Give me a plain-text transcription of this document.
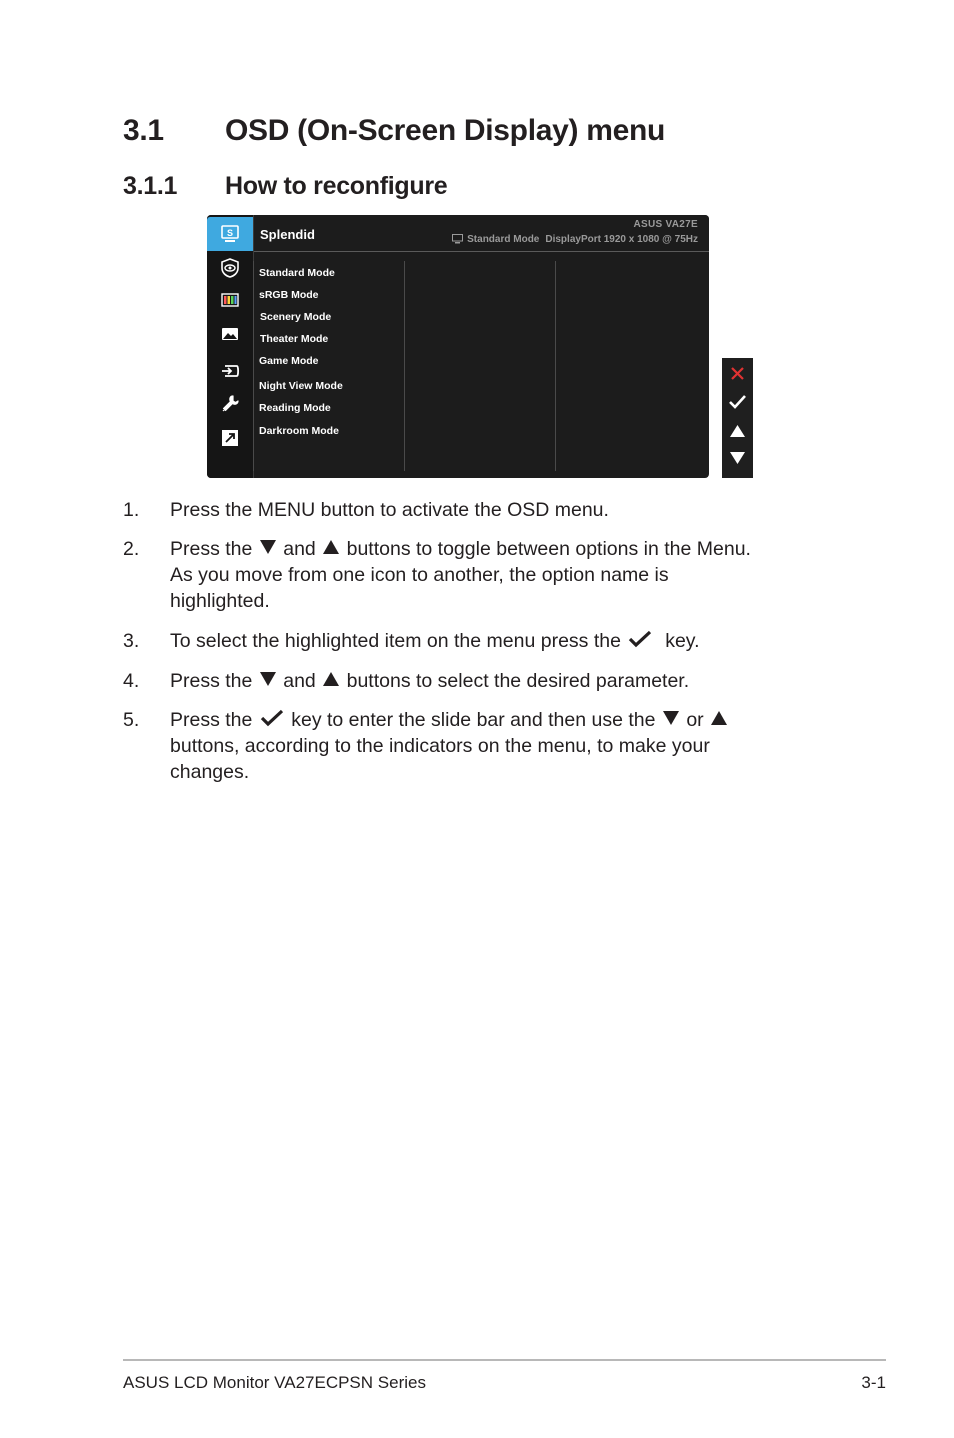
3.1 OSD (On-Screen Display) menu
3.1.1 How to reconfigure
S Splendid
ASUS VA27E
Standard Mode DisplayPort 1920 x 1080 @ 75Hz
Standard Mode
sRGB Mode
Scenery Mode
Theater Mode
Game Mode
Night View Mode
Reading Mode
Darkroom Mode
1. Press the MENU button to activate the OSD menu.
2. Press the and buttons to toggle between options in the Menu. As you move from one icon to another, the option name is highlighted.
3. To select the highlighted item on the menu press the key.
4. Press the and buttons to select the desired parameter.
5. Press the key to enter the slide bar and then use the or  buttons, according to the indicators on the menu, to make your changes.
ASUS LCD Monitor VA27ECPSN Series	3-1
